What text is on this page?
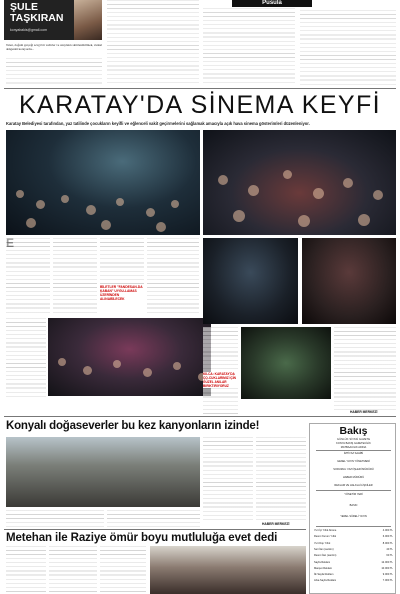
ŞULE
TAŞKIRAN
konyabakis@gmail.com
Pusula
Taner, doğum gerçeği sevgi bir vedirler ve uzaylının sinirlendirilmek, vurkul dengesini koruyordu...
KARATAY'DA SİNEMA KEYFİ
Karatay Belediyesi tarafından, yaz tatilinde çocukların keyifli ve eğlenceli vakit geçirmelerini sağlamak amacıyla açık hava sinema gösterimleri düzenleniyor.
BİLETLER "FANDESAN-DA KABAN" UYGU-LAMAS ÜZERİNDEN ALINABİLECEK
KILCA: KARATAY'DA ÇO-CUKLARIMIZ İÇİN GÜZEL ANILAR BIRIKTIRIYORUZ
HABER MERKEZİ
Konyalı doğaseverler bu kez kanyonların izinde!
HABER MERKEZİ
Metehan ile Raziye ömür boyu mutluluğa evet dedi
Bakış
GÜNLÜK SİYASİ GAZETE
KONYA BAKIŞ GAZETECİLİK
MATBAACILIK ADINA
İMTİYAZ SAHİBİ
GENEL YAYIN YÖNETMENİ
SORUMLU YAZI İŞLERİ MÜDÜRÜ
HABER MÜDÜRÜ
REKLAM VE HALKLA İLİŞKİLER
YÖNETİM YERİ
BASKI
YEREL SÜRELİ YAYIN
Yurt İçi Yıllık Abone	4.000 TL
Resmi Kurum Yıllık	6.000 TL
Yurt Dışı Yıllık	8.000 TL
Seri İlan (santim)	40 TL
Resmi İlan (santim)	60 TL
Sayfa Reklam	12.000 TL
Manşet Reklam	10.000 TL
İlk Sayfa Reklam	9.000 TL
Arka Sayfa Reklam	7.000 TL
